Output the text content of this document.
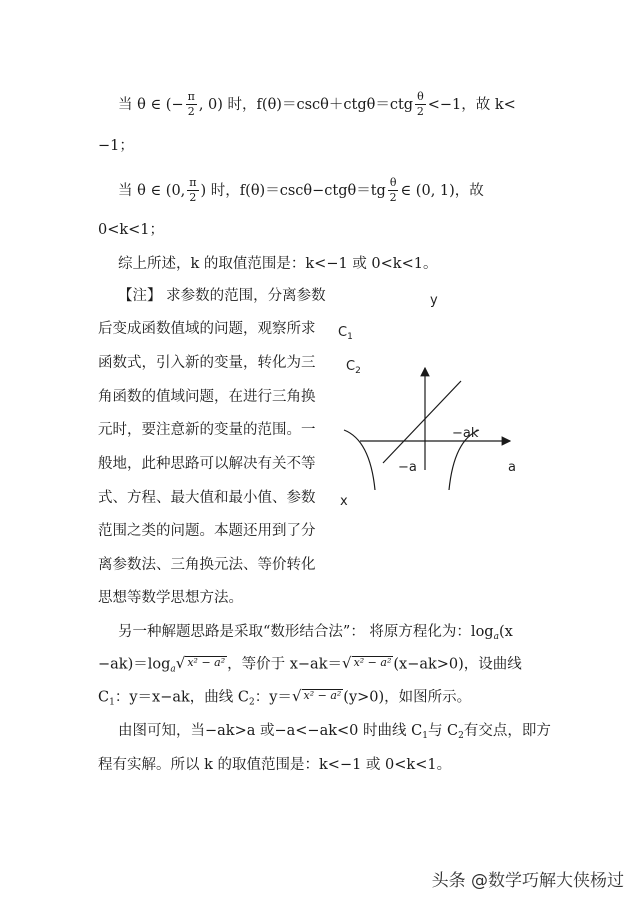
当 θ ∈ (− $\frac{\pi}{2}$ , 0) 时，$f(\theta)=\csc\theta+ctg\theta=ctg \frac{\theta}{2} <-1$，故 k<
−1；
当 θ ∈ (0, $\frac{\pi}{2}$ ) 时，$f(\theta)=\csc\theta-ctg\theta=tg \frac{\theta}{2}$ ∈ (0, 1)，故
0<k<1；
综上所述，k 的取值范围是：k<−1 或 0<k<1。
【注】 求参数的范围，分离参数
后变成函数值域的问题，观察所求
函数式，引入新的变量，转化为三
角函数的值域问题，在进行三角换
元时，要注意新的变量的范围。一
般地，此种思路可以解决有关不等
式、方程、最大值和最小值、参数
范围之类的问题。本题还用到了分
离参数法、三角换元法、等价转化
思想等数学思想方法。
y
$C_1$
$C_2$
−ak
−a	a
x
另一种解题思路是采取“数形结合法”： 将原方程化为：$\log_a(x$
$-ak)=\log_a$ √ x² − a² ，等价于 x−ak＝ √ x² − a² (x−ak>0)，设曲线
$C_1$：y＝x−ak，曲线 $C_2$：y＝ √ x² − a² (y>0)，如图所示。
由图可知，当−ak>a 或−a<−ak<0 时曲线 $C_1$与 $C_2$有交点，即方
程有实解。所以 k 的取值范围是：k<−1 或 0<k<1。
头条 @数学巧解大侠杨过
